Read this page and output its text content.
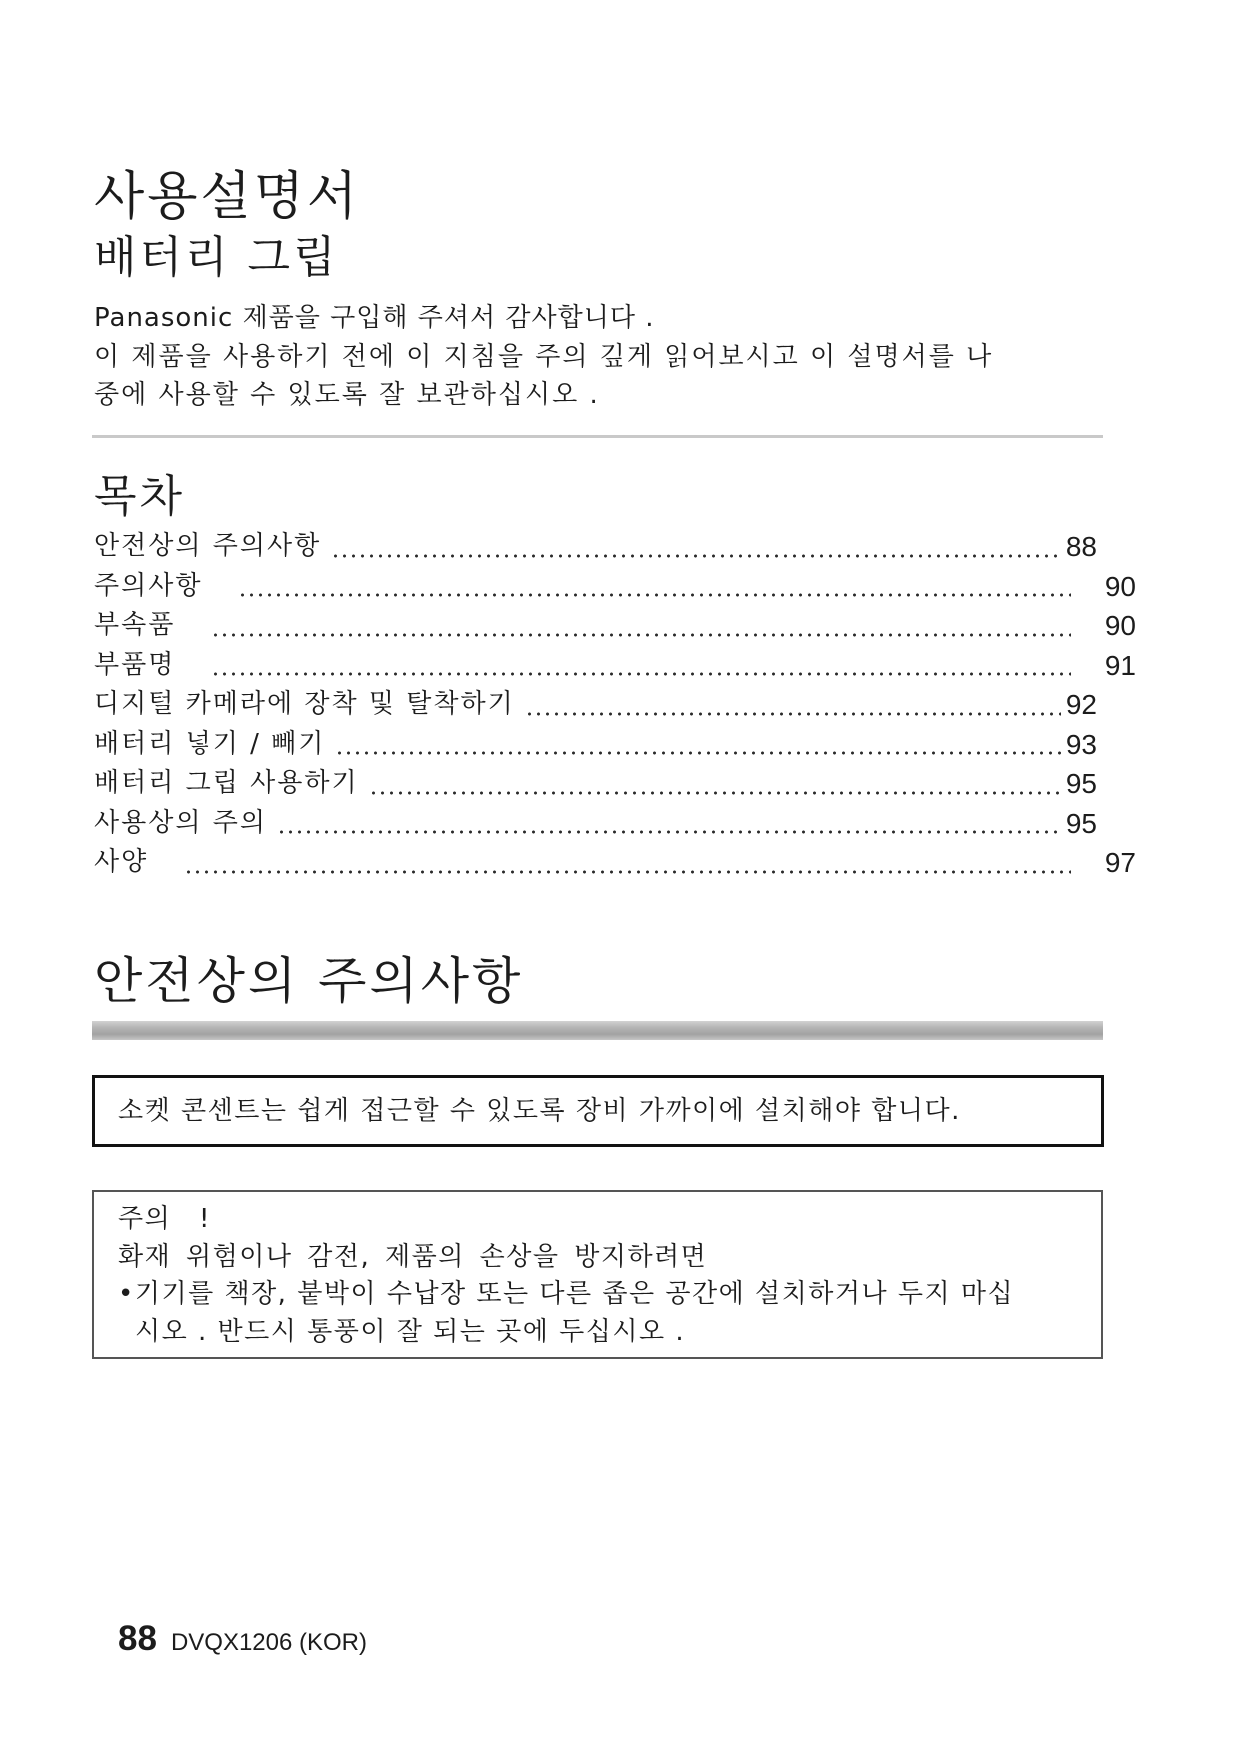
사용설명서
배터리 그립
Panasonic 제품을 구입해 주셔서 감사합니다 .
이 제품을 사용하기 전에 이 지침을 주의 깊게 읽어보시고 이 설명서를 나
중에 사용할 수 있도록 잘 보관하십시오 .
목차
안전상의 주의사항	88
주의사항	90
부속품	90
부품명	91
디지털 카메라에 장착 및 탈착하기	92
배터리 넣기 / 빼기	93
배터리 그립 사용하기	95
사용상의 주의	95
사양	97
안전상의 주의사항
소켓 콘센트는 쉽게 접근할 수 있도록 장비 가까이에 설치해야 합니다.
주의 !
화재 위험이나 감전, 제품의 손상을 방지하려면
•기기를 책장, 붙박이 수납장 또는 다른 좁은 공간에 설치하거나 두지 마십
시오 . 반드시 통풍이 잘 되는 곳에 두십시오 .
88 DVQX1206 (KOR)
